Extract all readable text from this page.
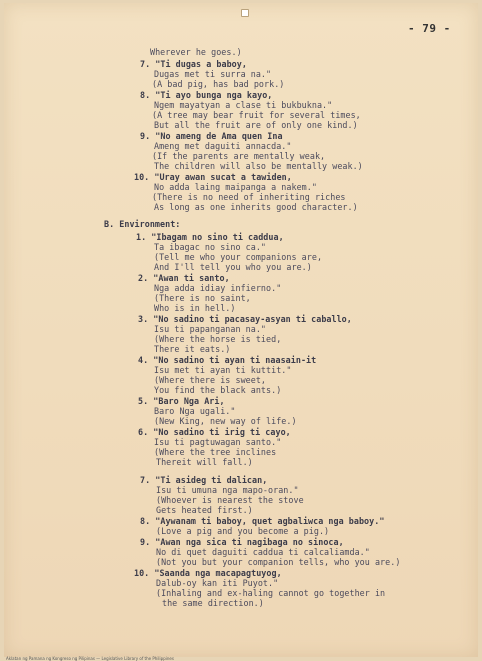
- 79 -
Wherever he goes.)
7. "Ti dugas a baboy,
Dugas met ti surra na."
(A bad pig, has bad pork.)
8. "Ti ayo bunga nga kayo,
Ngem mayatyan a clase ti bukbukna."
(A tree may bear fruit for several times,
But all the fruit are of only one kind.)
9. "No ameng de Ama quen Ina
Ameng met daguiti annacda."
(If the parents are mentally weak,
The children will also be mentally weak.)
10. "Uray awan sucat a tawiden,
No adda laing maipanga a nakem."
(There is no need of inheriting riches
As long as one inherits good character.)
B. Environment:
1. "Ibagam no sino ti caddua,
Ta ibagac no sino ca."
(Tell me who your companions are,
And I'll tell you who you are.)
2. "Awan ti santo,
Nga adda idiay infierno."
(There is no saint,
Who is in hell.)
3. "No sadino ti pacasay-asyan ti caballo,
Isu ti papanganan na."
(Where the horse is tied,
There it eats.)
4. "No sadino ti ayan ti naasain-it
Isu met ti ayan ti kuttit."
(Where there is sweet,
You find the black ants.)
5. "Baro Nga Ari,
Baro Nga ugali."
(New King, new way of life.)
6. "No sadino ti irig ti cayo,
Isu ti pagtuwagan santo."
(Where the tree inclines
Thereit will fall.)
7. "Ti asideg ti dalican,
Isu ti umuna nga mapo-oran."
(Whoever is nearest the stove
Gets heated first.)
8. "Aywanam ti baboy, quet agbaliwca nga baboy."
(Love a pig and you become a pig.)
9. "Awan nga sica ti nagibaga no sinoca,
No di quet daguiti caddua ti calcaliamda."
(Not you but your companion tells, who you are.)
10. "Saanda nga macapagtuyog,
Dalub-oy kan iti Puyot."
(Inhaling and ex-haling cannot go together in
the same direction.)
Aklatan ng Pamana ng Kongreso ng Pilipinas — Legislative Library of the Philippines
